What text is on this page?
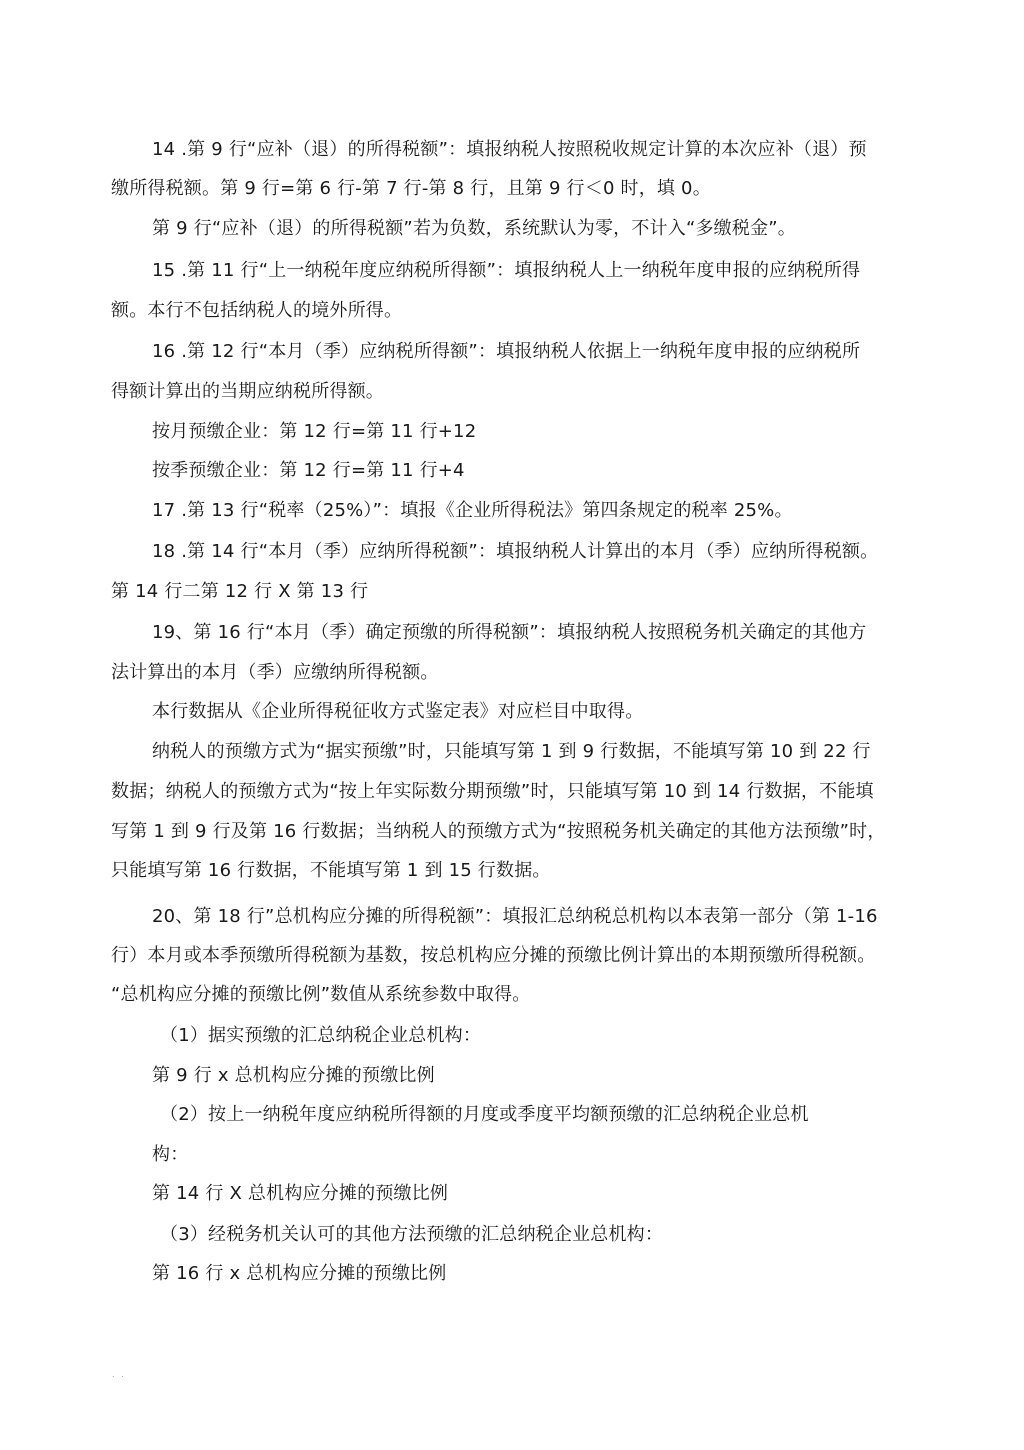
14 .第 9 行“应补（退）的所得税额”：填报纳税人按照税收规定计算的本次应补（退）预
缴所得税额。第 9 行=第 6 行-第 7 行-第 8 行，且第 9 行＜0 时，填 0。
第 9 行“应补（退）的所得税额”若为负数，系统默认为零，不计入“多缴税金”。
15 .第 11 行“上一纳税年度应纳税所得额”：填报纳税人上一纳税年度申报的应纳税所得
额。本行不包括纳税人的境外所得。
16 .第 12 行“本月（季）应纳税所得额”：填报纳税人依据上一纳税年度申报的应纳税所
得额计算出的当期应纳税所得额。
按月预缴企业：第 12 行=第 11 行+12
按季预缴企业：第 12 行=第 11 行+4
17 .第 13 行“税率（25%）”：填报《企业所得税法》第四条规定的税率 25%。
18 .第 14 行“本月（季）应纳所得税额”：填报纳税人计算出的本月（季）应纳所得税额。
第 14 行二第 12 行 X 第 13 行
19、第 16 行“本月（季）确定预缴的所得税额”：填报纳税人按照税务机关确定的其他方
法计算出的本月（季）应缴纳所得税额。
本行数据从《企业所得税征收方式鉴定表》对应栏目中取得。
纳税人的预缴方式为“据实预缴”时，只能填写第 1 到 9 行数据，不能填写第 10 到 22 行
数据；纳税人的预缴方式为“按上年实际数分期预缴”时，只能填写第 10 到 14 行数据，不能填
写第 1 到 9 行及第 16 行数据；当纳税人的预缴方式为“按照税务机关确定的其他方法预缴”时，
只能填写第 16 行数据，不能填写第 1 到 15 行数据。
20、第 18 行”总机构应分摊的所得税额”：填报汇总纳税总机构以本表第一部分（第 1-16
行）本月或本季预缴所得税额为基数，按总机构应分摊的预缴比例计算出的本期预缴所得税额。
“总机构应分摊的预缴比例”数值从系统参数中取得。
（1）据实预缴的汇总纳税企业总机构：
第 9 行 x 总机构应分摊的预缴比例
（2）按上一纳税年度应纳税所得额的月度或季度平均额预缴的汇总纳税企业总机
构：
第 14 行 X 总机构应分摊的预缴比例
（3）经税务机关认可的其他方法预缴的汇总纳税企业总机构：
第 16 行 x 总机构应分摊的预缴比例
. .
